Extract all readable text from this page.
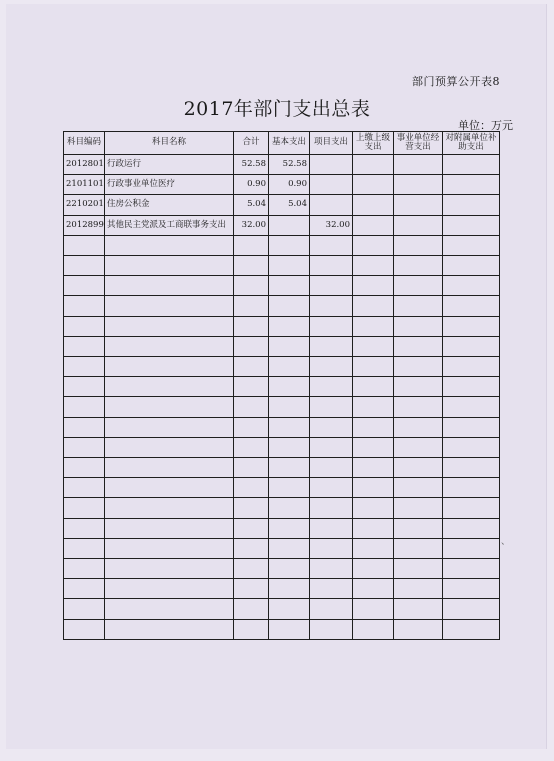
部门预算公开表8
2017年部门支出总表
单位：万元
科目编码	科目名称	合计	基本支出	项目支出	上缴上级支出	事业单位经营支出	对附属单位补助支出
2012801	行政运行	52.58	52.58				
2101101	行政事业单位医疗	0.90	0.90				
2210201	住房公积金	5.04	5.04				
2012899	其他民主党派及工商联事务支出	32.00		32.00			

、
